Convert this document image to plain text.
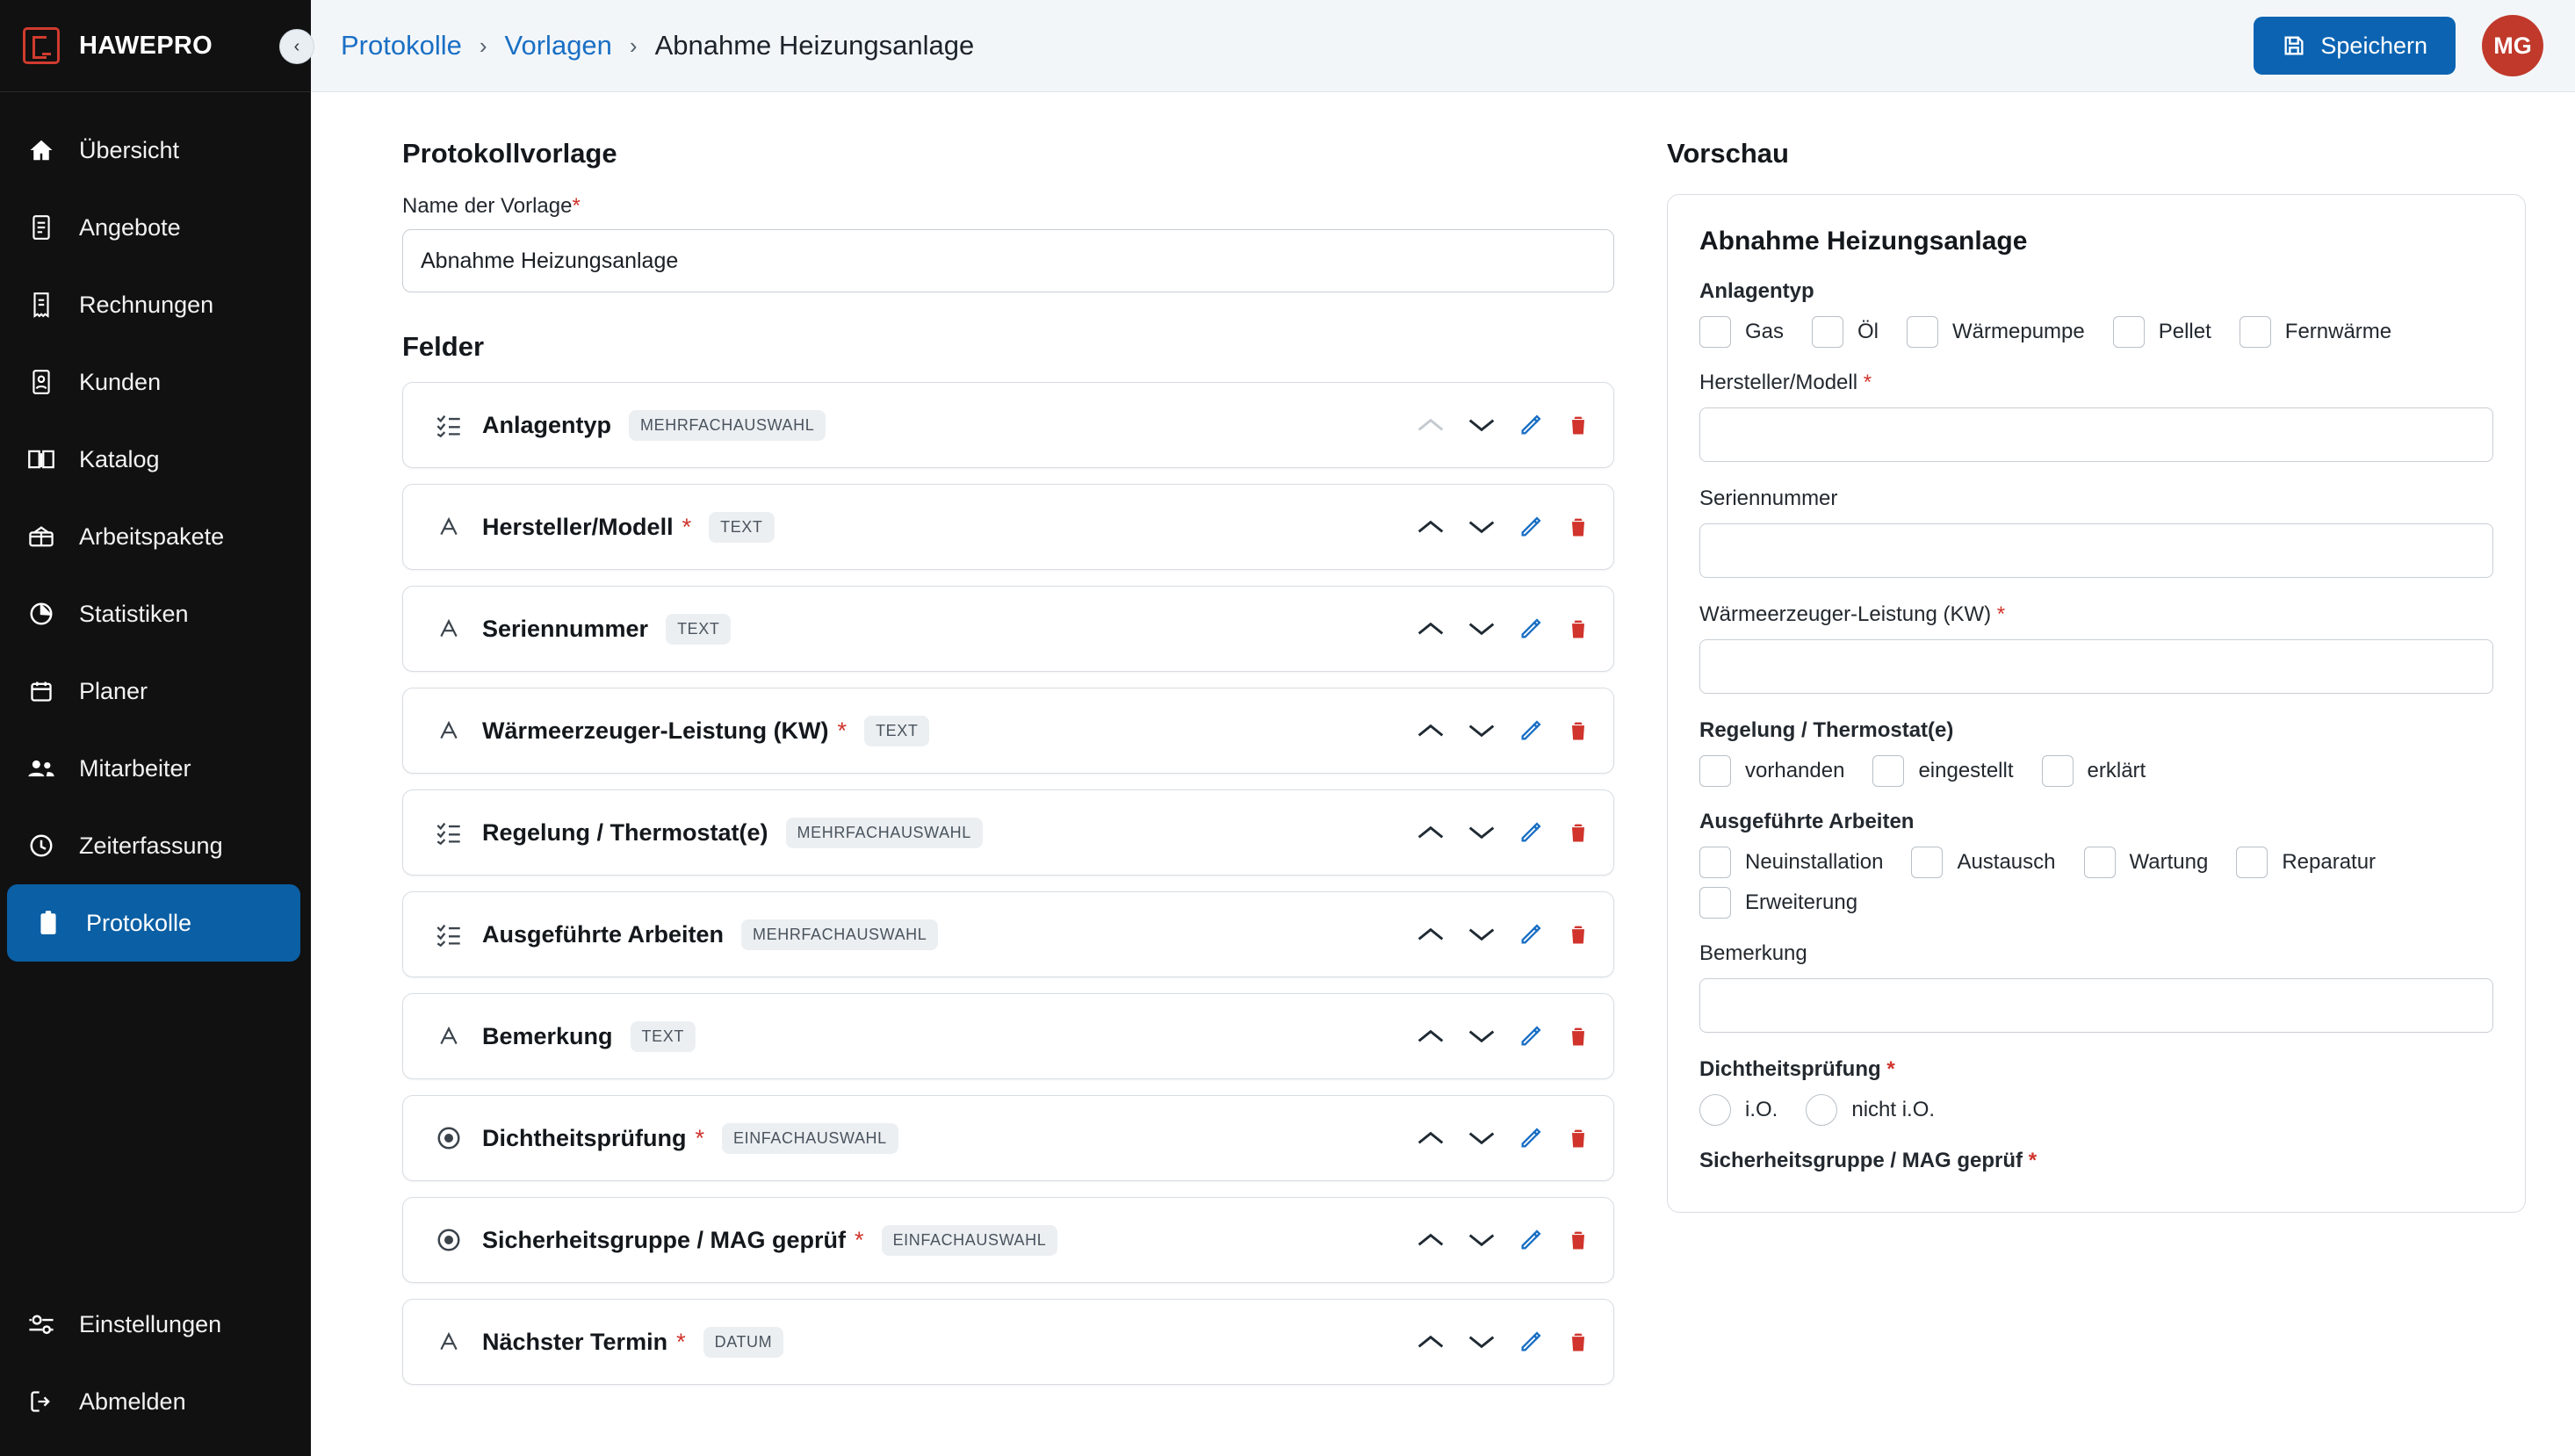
HAWEPRO	‹
Übersicht
Angebote
Rechnungen
Kunden
Katalog
Arbeitspakete
Statistiken
Planer
Mitarbeiter
Zeiterfassung
Protokolle
Einstellungen
Abmelden
Protokolle › Vorlagen › Abnahme Heizungsanlage	Speichern	MG
Protokollvorlage
Name der Vorlage*
Abnahme Heizungsanlage
Felder
Anlagentyp	MEHRFACHAUSWAHL
Hersteller/Modell *	TEXT
Seriennummer	TEXT
Wärmeerzeuger-Leistung (KW) *	TEXT
Regelung / Thermostat(e)	MEHRFACHAUSWAHL
Ausgeführte Arbeiten	MEHRFACHAUSWAHL
Bemerkung	TEXT
Dichtheitsprüfung *	EINFACHAUSWAHL
Sicherheitsgruppe / MAG geprüf *	EINFACHAUSWAHL
Nächster Termin *	DATUM
Vorschau
Abnahme Heizungsanlage
Anlagentyp
Gas	Öl	Wärmepumpe	Pellet	Fernwärme
Hersteller/Modell *
Seriennummer
Wärmeerzeuger-Leistung (KW) *
Regelung / Thermostat(e)
vorhanden	eingestellt	erklärt
Ausgeführte Arbeiten
Neuinstallation	Austausch	Wartung	Reparatur
Erweiterung
Bemerkung
Dichtheitsprüfung *
i.O.	nicht i.O.
Sicherheitsgruppe / MAG geprüf *
